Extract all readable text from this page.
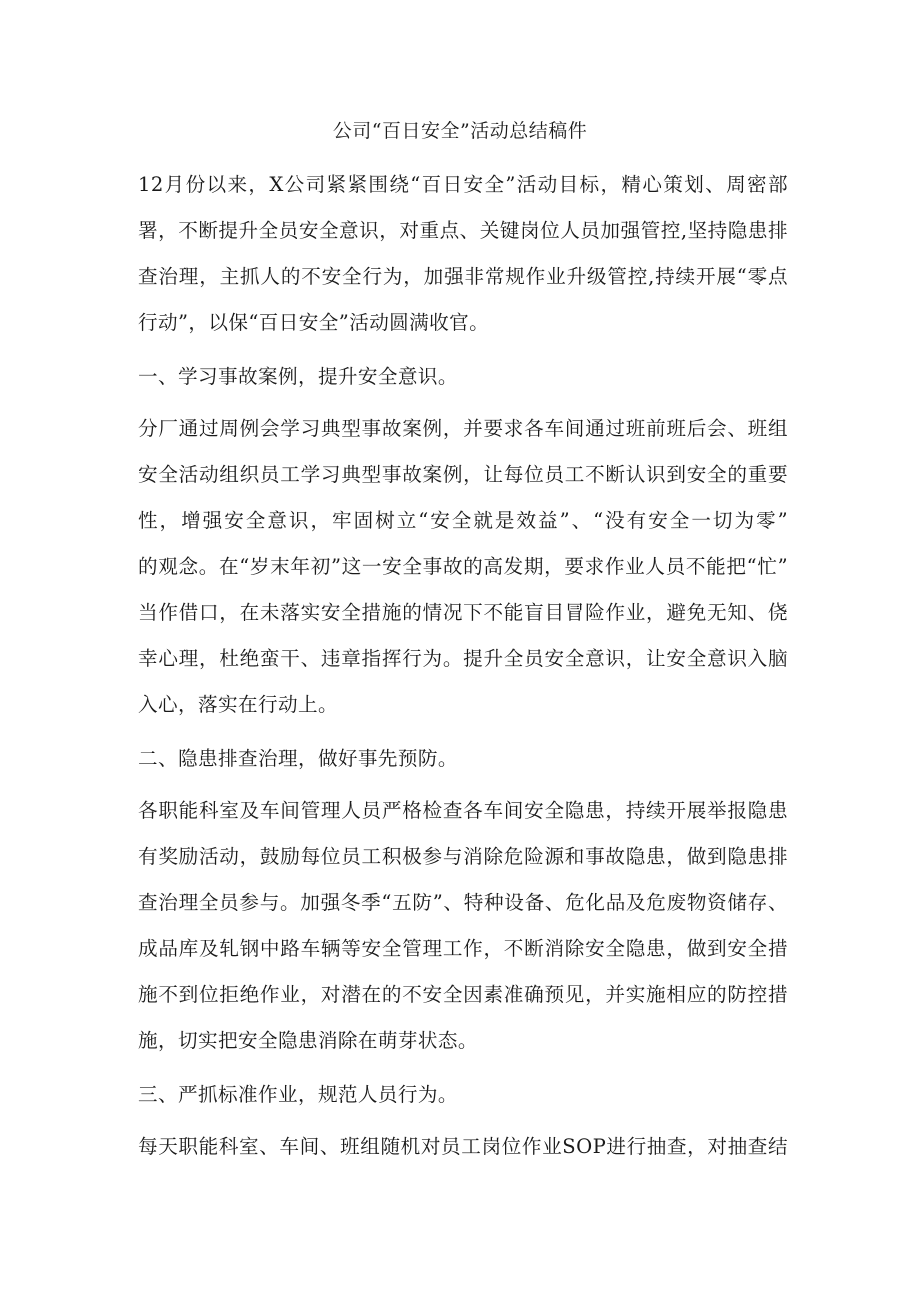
公司“百日安全”活动总结稿件
12月份以来，X公司紧紧围绕“百日安全”活动目标，精心策划、周密部
署，不断提升全员安全意识，对重点、关键岗位人员加强管控,坚持隐患排
查治理，主抓人的不安全行为，加强非常规作业升级管控,持续开展“零点
行动”，以保“百日安全”活动圆满收官。
一、学习事故案例，提升安全意识。
分厂通过周例会学习典型事故案例，并要求各车间通过班前班后会、班组
安全活动组织员工学习典型事故案例，让每位员工不断认识到安全的重要
性，增强安全意识，牢固树立“安全就是效益”、“没有安全一切为零”
的观念。在“岁末年初”这一安全事故的高发期，要求作业人员不能把“忙”
当作借口，在未落实安全措施的情况下不能盲目冒险作业，避免无知、侥
幸心理，杜绝蛮干、违章指挥行为。提升全员安全意识，让安全意识入脑
入心，落实在行动上。
二、隐患排查治理，做好事先预防。
各职能科室及车间管理人员严格检查各车间安全隐患，持续开展举报隐患
有奖励活动，鼓励每位员工积极参与消除危险源和事故隐患，做到隐患排
查治理全员参与。加强冬季“五防”、特种设备、危化品及危废物资储存、
成品库及轧钢中路车辆等安全管理工作，不断消除安全隐患，做到安全措
施不到位拒绝作业，对潜在的不安全因素准确预见，并实施相应的防控措
施，切实把安全隐患消除在萌芽状态。
三、严抓标准作业，规范人员行为。
每天职能科室、车间、班组随机对员工岗位作业SOP进行抽查，对抽查结
